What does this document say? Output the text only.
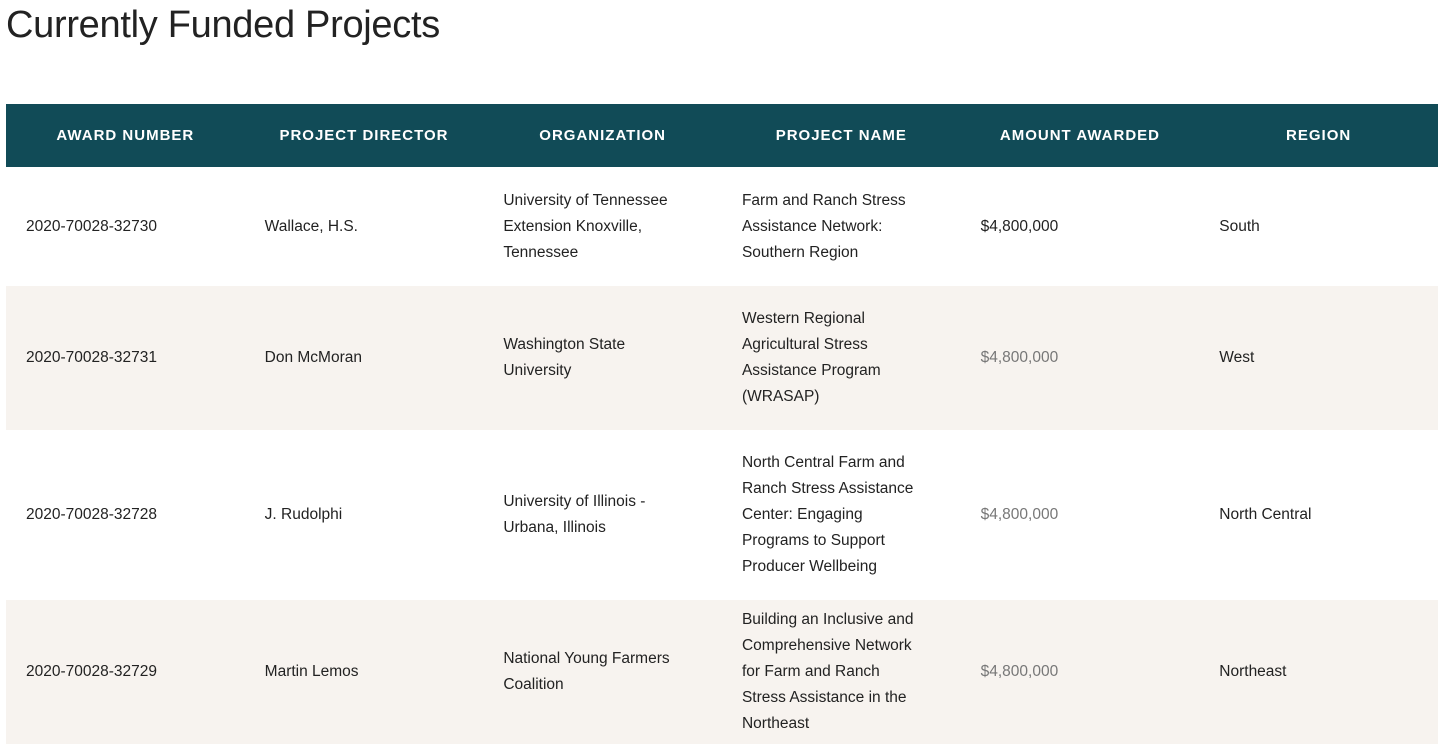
Currently Funded Projects
AWARD NUMBER	PROJECT DIRECTOR	ORGANIZATION	PROJECT NAME	AMOUNT AWARDED	REGION
2020-70028-32730	Wallace, H.S.	University of Tennessee Extension Knoxville, Tennessee	Farm and Ranch Stress Assistance Network: Southern Region	$4,800,000	South
2020-70028-32731	Don McMoran	Washington State University	Western Regional Agricultural Stress Assistance Program (WRASAP)	$4,800,000	West
2020-70028-32728	J. Rudolphi	University of Illinois - Urbana, Illinois	North Central Farm and Ranch Stress Assistance Center: Engaging Programs to Support Producer Wellbeing	$4,800,000	North Central
2020-70028-32729	Martin Lemos	National Young Farmers Coalition	Building an Inclusive and Comprehensive Network for Farm and Ranch Stress Assistance in the Northeast	$4,800,000	Northeast
